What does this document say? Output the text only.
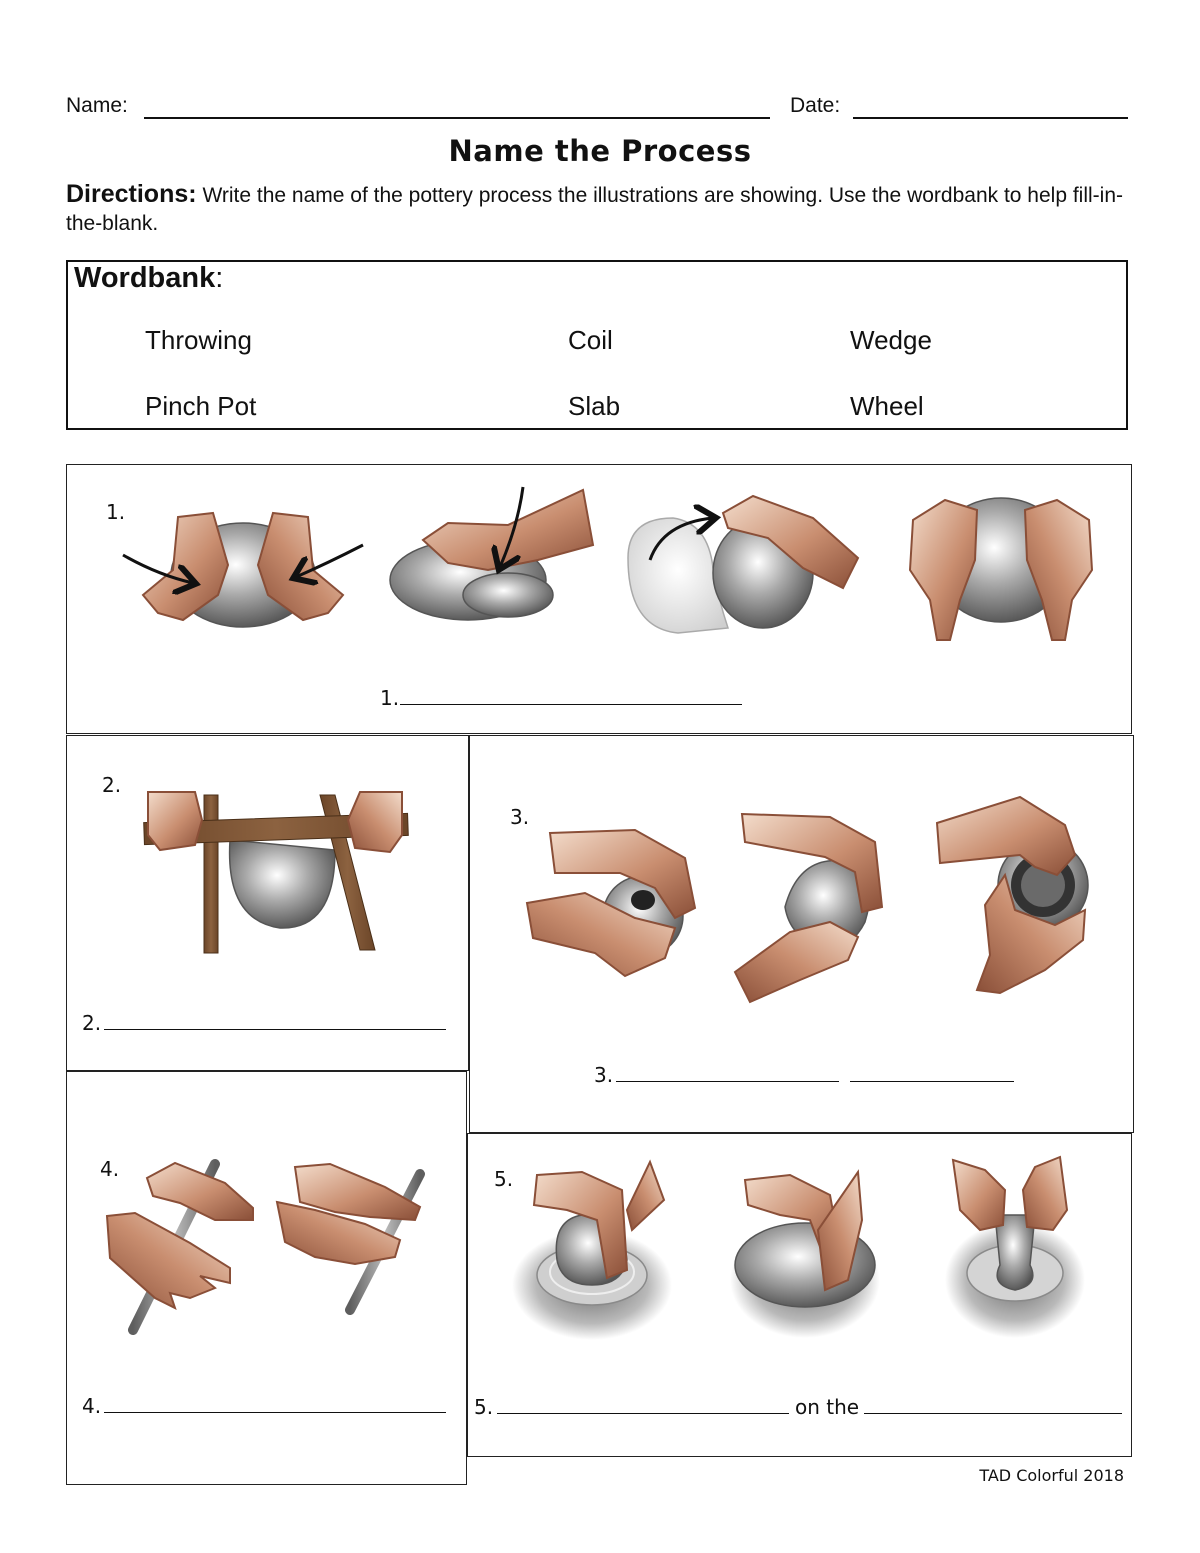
Name:	Date:
Name the Process
Directions: Write the name of the pottery process the illustrations are showing. Use the wordbank to help fill-in-the-blank.
Wordbank:
Throwing	Coil	Wedge
Pinch Pot	Slab	Wheel
1.
1.
2.
2.
3.
3.
4.
4.
5.
5.	on the
TAD Colorful 2018
